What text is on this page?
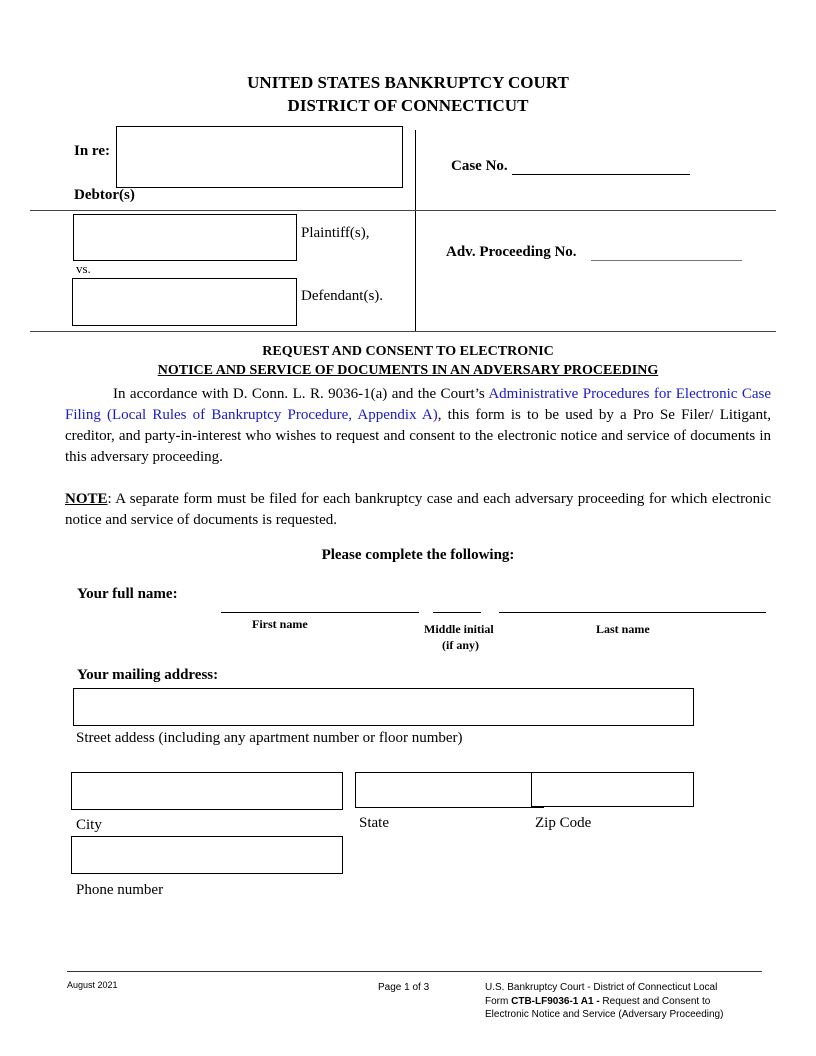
UNITED STATES BANKRUPTCY COURT
DISTRICT OF CONNECTICUT
In re:
Debtor(s)
Case No.
Plaintiff(s),
vs.
Defendant(s).
Adv. Proceeding No.
REQUEST AND CONSENT TO ELECTRONIC
NOTICE AND SERVICE OF DOCUMENTS IN AN ADVERSARY PROCEEDING
In accordance with D. Conn. L. R. 9036-1(a) and the Court’s Administrative Procedures for Electronic Case Filing (Local Rules of Bankruptcy Procedure, Appendix A), this form is to be used by a Pro Se Filer/ Litigant, creditor, and party-in-interest who wishes to request and consent to the electronic notice and service of documents in this adversary proceeding.
NOTE: A separate form must be filed for each bankruptcy case and each adversary proceeding for which electronic notice and service of documents is requested.
Please complete the following:
Your full name:
First name	Middle initial
(if any)
Last name
Your mailing address:
Street addess (including any apartment number or floor number)
City	State	Zip Code
Phone number
August 2021	Page 1 of 3	U.S. Bankruptcy Court - District of Connecticut Local
Form CTB-LF9036-1 A1 - Request and Consent to
Electronic Notice and Service (Adversary Proceeding)
